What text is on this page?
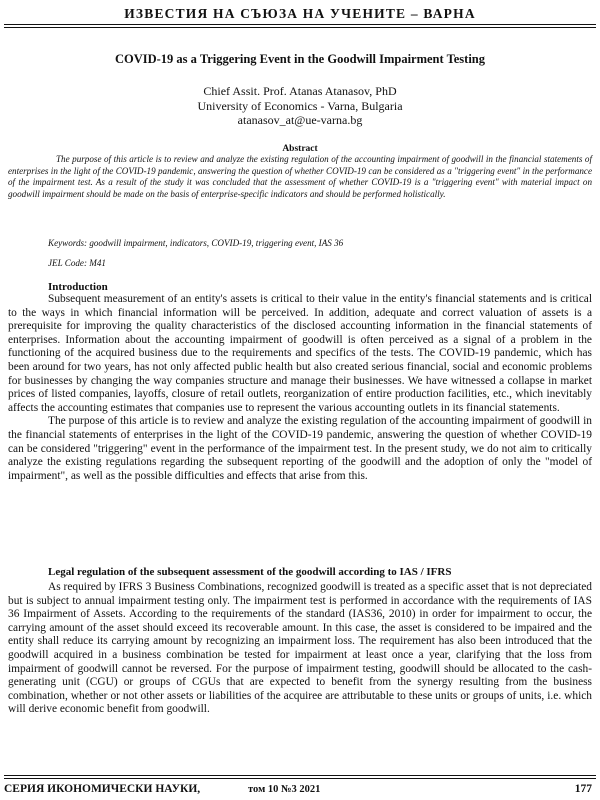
ИЗВЕСТИЯ НА СЪЮЗА НА УЧЕНИТЕ – ВАРНА
COVID-19 as a Triggering Event in the Goodwill Impairment Testing
Chief Assit. Prof. Atanas Atanasov, PhD
University of Economics - Varna, Bulgaria
atanasov_at@ue-varna.bg
Abstract
The purpose of this article is to review and analyze the existing regulation of the accounting impairment of goodwill in the financial statements of enterprises in the light of the COVID-19 pandemic, answering the question of whether COVID-19 can be considered as a "triggering event" in the performance of the impairment test. As a result of the study it was concluded that the assessment of whether COVID-19 is a "triggering event" with material impact on goodwill impairment should be made on the basis of enterprise-specific indicators and should be performed holistically.
Keywords: goodwill impairment, indicators, COVID-19, triggering event, IAS 36
JEL Code: M41
Introduction

Subsequent measurement of an entity's assets is critical to their value in the entity's financial statements and is critical to the ways in which financial information will be perceived. In addition, adequate and correct valuation of assets is a prerequisite for improving the quality characteristics of the disclosed accounting information in the financial statements of enterprises. Information about the accounting impairment of goodwill is often perceived as a signal of a problem in the functioning of the acquired business due to the requirements and specifics of the tests. The COVID-19 pandemic, which has been around for two years, has not only affected public health but also created serious financial, social and economic problems for businesses by changing the way companies structure and manage their businesses. We have witnessed a collapse in market prices of listed companies, layoffs, closure of retail outlets, reorganization of entire production facilities, etc., which inevitably affects the accounting estimates that companies use to represent the various accounting outlets in its financial statements.

The purpose of this article is to review and analyze the existing regulation of the accounting impairment of goodwill in the financial statements of enterprises in the light of the COVID-19 pandemic, answering the question of whether COVID-19 can be considered "triggering" event in the performance of the impairment test. In the present study, we do not aim to critically analyze the existing regulations regarding the subsequent reporting of the goodwill and the adoption of only the "model of impairment", as well as the possible difficulties and effects that arise from this.

Legal regulation of the subsequent assessment of the goodwill according to IAS / IFRS

As required by IFRS 3 Business Combinations, recognized goodwill is treated as a specific asset that is not depreciated but is subject to annual impairment testing only. The impairment test is performed in accordance with the requirements of IAS 36 Impairment of Assets. According to the requirements of the standard (IAS36, 2010) in order for impairment to occur, the carrying amount of the asset should exceed its recoverable amount. In this case, the asset is considered to be impaired and the entity shall reduce its carrying amount by recognizing an impairment loss. The requirement has also been introduced that the goodwill acquired in a business combination be tested for impairment at least once a year, clarifying that the loss from impairment of goodwill cannot be reversed. For the purpose of impairment testing, goodwill should be allocated to the cash-generating unit (CGU) or groups of CGUs that are expected to benefit from the synergy resulting from the business combination, whether or not other assets or liabilities of the acquiree are attributable to these units or groups of units, i.e. which will derive economic benefit from goodwill.

СЕРИЯ ИКОНОМИЧЕСКИ НАУКИ,	том 10 №3 2021	177
